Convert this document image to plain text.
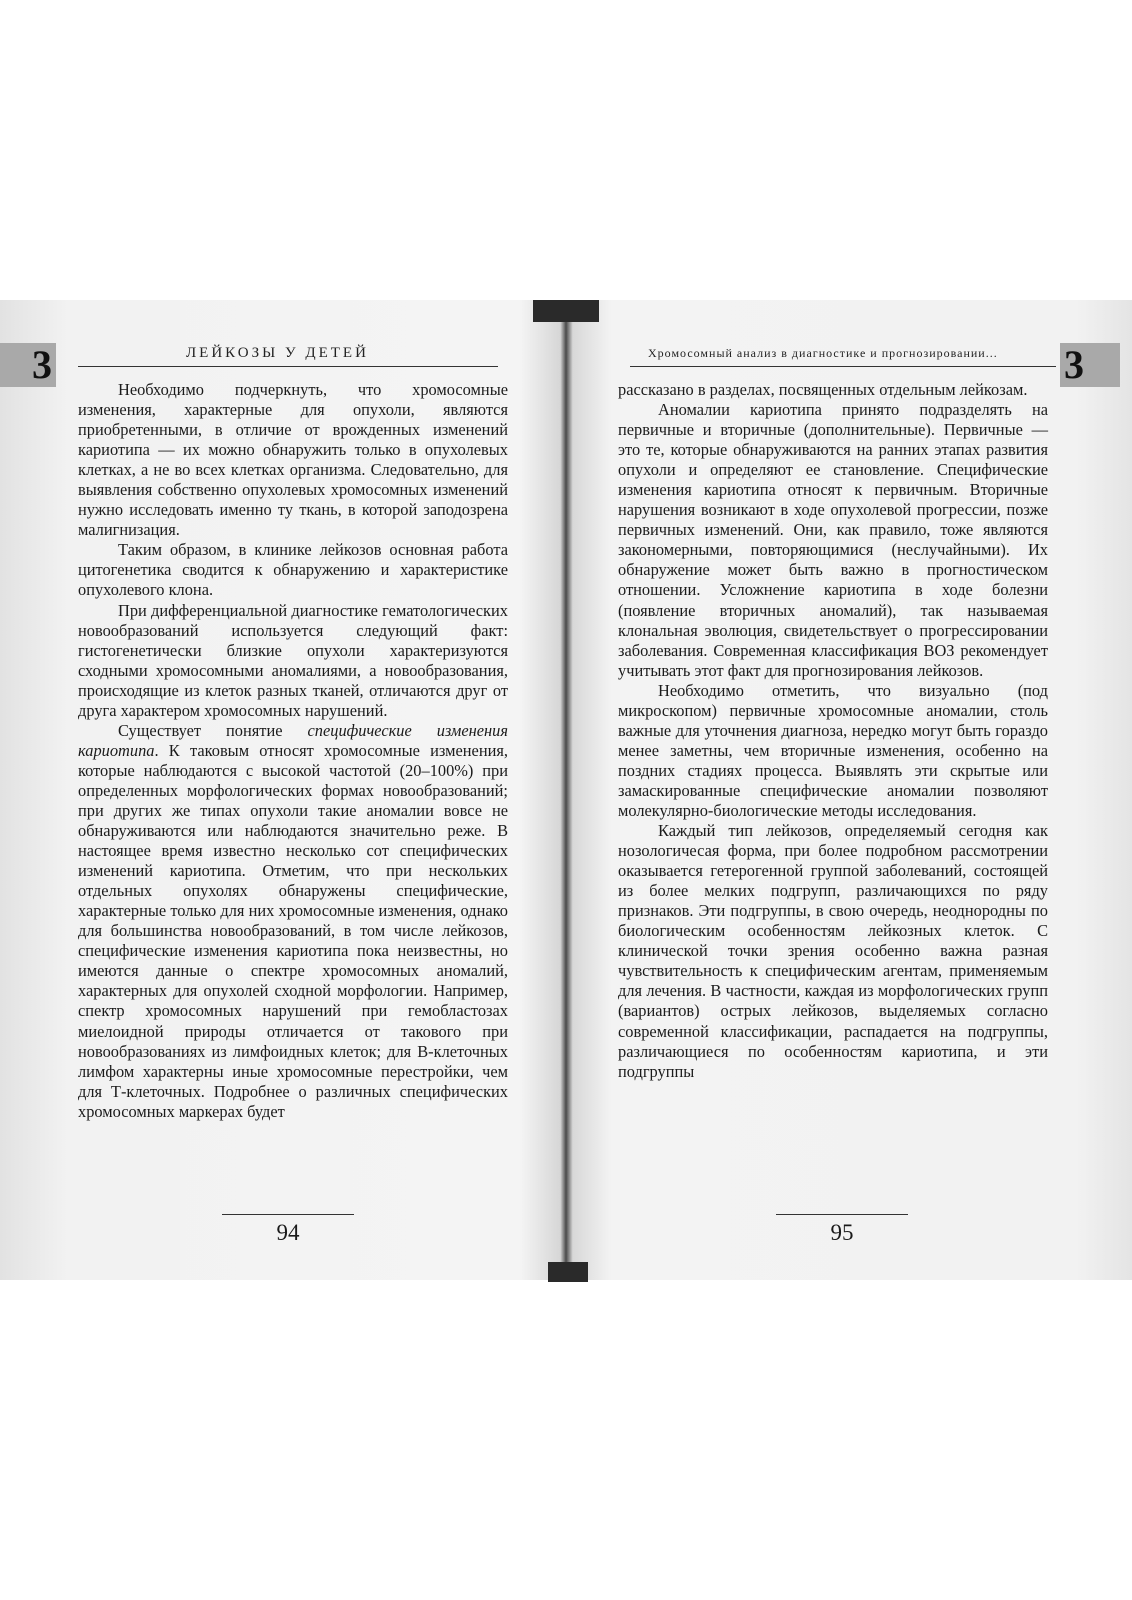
3	ЛЕЙКОЗЫ У ДЕТЕЙ

Необходимо подчеркнуть, что хромосомные изменения, характерные для опухоли, являются приобретенными, в отличие от врожденных изменений кариотипа — их можно обнаружить только в опухолевых клетках, а не во всех клетках организма. Следовательно, для выявления собственно опухолевых хромосомных изменений нужно исследовать именно ту ткань, в которой заподозрена малигнизация.

Таким образом, в клинике лейкозов основная работа цитогенетика сводится к обнаружению и характеристике опухолевого клона.

При дифференциальной диагностике гематологических новообразований используется следующий факт: гистогенетически близкие опухоли характеризуются сходными хромосомными аномалиями, а новообразования, происходящие из клеток разных тканей, отличаются друг от друга характером хромосомных нарушений.

Существует понятие специфические изменения кариотипа. К таковым относят хромосомные изменения, которые наблюдаются с высокой частотой (20–100%) при определенных морфологических формах новообразований; при других же типах опухоли такие аномалии вовсе не обнаруживаются или наблюдаются значительно реже. В настоящее время известно несколько сот специфических изменений кариотипа. Отметим, что при нескольких отдельных опухолях обнаружены специфические, характерные только для них хромосомные изменения, однако для большинства новообразований, в том числе лейкозов, специфические изменения кариотипа пока неизвестны, но имеются данные о спектре хромосомных аномалий, характерных для опухолей сходной морфологии. Например, спектр хромосомных нарушений при гемобластозах миелоидной природы отличается от такового при новообразованиях из лимфоидных клеток; для В-клеточных лимфом характерны иные хромосомные перестройки, чем для Т-клеточных. Подробнее о различных специфических хромосомных маркерах будет

94
Хромосомный анализ в диагностике и прогнозировании... 3

рассказано в разделах, посвященных отдельным лейкозам.

Аномалии кариотипа принято подразделять на первичные и вторичные (дополнительные). Первичные — это те, которые обнаруживаются на ранних этапах развития опухоли и определяют ее становление. Специфические изменения кариотипа относят к первичным. Вторичные нарушения возникают в ходе опухолевой прогрессии, позже первичных изменений. Они, как правило, тоже являются закономерными, повторяющимися (неслучайными). Их обнаружение может быть важно в прогностическом отношении. Усложнение кариотипа в ходе болезни (появление вторичных аномалий), так называемая клональная эволюция, свидетельствует о прогрессировании заболевания. Современная классификация ВОЗ рекомендует учитывать этот факт для прогнозирования лейкозов.

Необходимо отметить, что визуально (под микроскопом) первичные хромосомные аномалии, столь важные для уточнения диагноза, нередко могут быть гораздо менее заметны, чем вторичные изменения, особенно на поздних стадиях процесса. Выявлять эти скрытые или замаскированные специфические аномалии позволяют молекулярно-биологические методы исследования.

Каждый тип лейкозов, определяемый сегодня как нозологичесая форма, при более подробном рассмотрении оказывается гетерогенной группой заболеваний, состоящей из более мелких подгрупп, различающихся по ряду признаков. Эти подгруппы, в свою очередь, неоднородны по биологическим особенностям лейкозных клеток. С клинической точки зрения особенно важна разная чувствительность к специфическим агентам, применяемым для лечения. В частности, каждая из морфологических групп (вариантов) острых лейкозов, выделяемых согласно современной классификации, распадается на подгруппы, различающиеся по особенностям кариотипа, и эти подгруппы

95
